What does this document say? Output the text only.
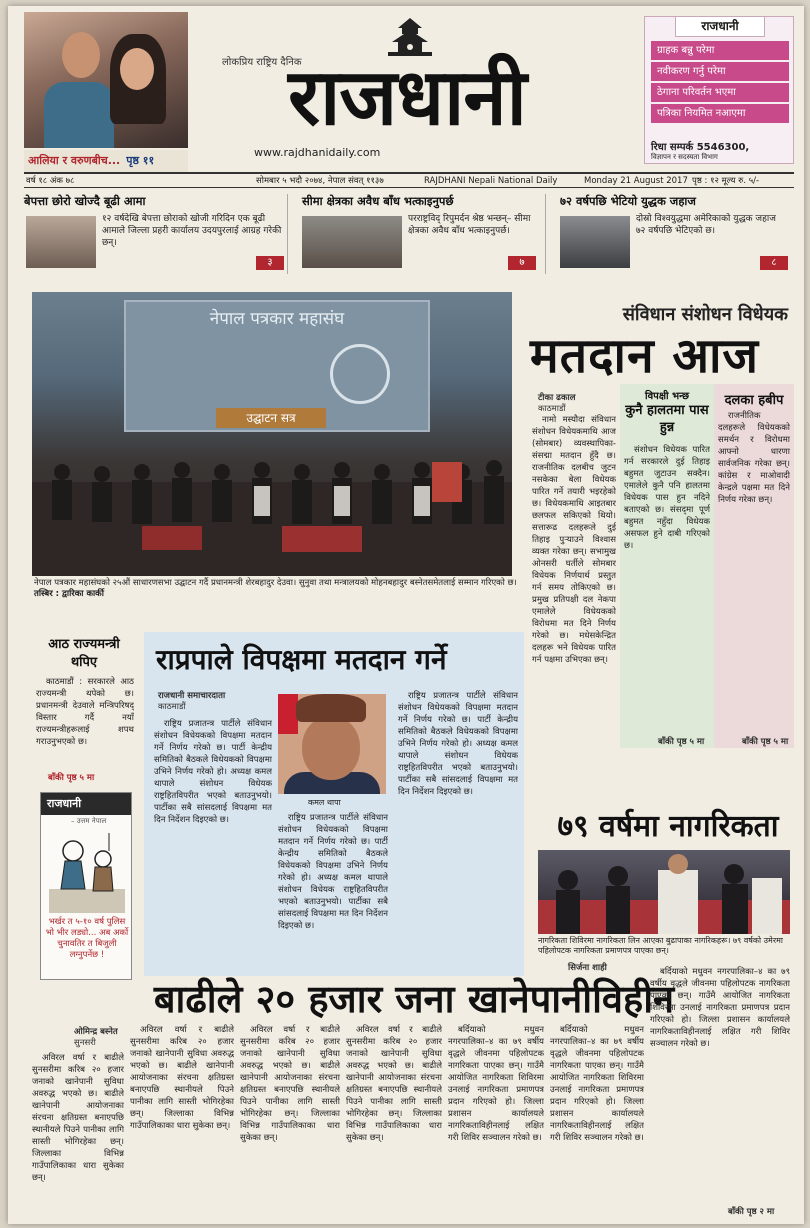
आलिया र वरुणबीच... पृष्ठ ११
लोकप्रिय राष्ट्रिय दैनिक
राजधानी
www.rajdhanidaily.com
राजधानी
ग्राहक बन्नु परेमा
नवीकरण गर्नु परेमा
ठेगाना परिवर्तन भएमा
पत्रिका नियमित नआएमा
रिधा सम्पर्क 5546300,
विज्ञापन र सदस्यता विभाग
वर्ष १८ अंक ७८	सोमबार ५ भदौ २०७४, नेपाल संवत् ११३७	RAJDHANI Nepali National Daily	Monday 21 August 2017 पृष्ठ : १२ मूल्य रु. ५/-
बेपत्ता छोरो खोज्दै बूढी आमा

१२ वर्षदेखि बेपत्ता छोराको खोजी गरिदिन एक बूढी आमाले जिल्ला प्रहरी कार्यालय उदयपुरलाई आग्रह गरेकी छन्।

३
सीमा क्षेत्रका अवैध बाँध भत्काइनुपर्छ

परराष्ट्रविद् रिपुमर्दन श्रेष्ठ भन्छन्– सीमा क्षेत्रका अवैध बाँध भत्काइनुपर्छ।

७
७२ वर्षपछि भेटियो युद्धक जहाज

दोस्रो विश्वयुद्धमा अमेरिकाको युद्धक जहाज ७२ वर्षपछि भेटिएको छ।

८
नेपाल पत्रकार महासंघ
उद्घाटन सत्र
नेपाल पत्रकार महासंघको २५औं साधारणसभा उद्घाटन गर्दै प्रधानमन्त्री शेरबहादुर देउवा। सुनुवा तथा मन्त्रालयको मोहनबहादुर बस्नेतसमेतलाई सम्मान गरिएको छ। तस्बिर : द्वारिका कार्की
संविधान संशोधन विधेयक
मतदान आज
टीका ढकाल
काठमाडौं

नामो मस्यौदा संविधान संशोधन विधेयकमाथि आज (सोमबार) व्यवस्थापिका-संसद्मा मतदान हुँदै छ। राजनीतिक दलबीच जुटन नसकेका बेला विधेयक पारित गर्ने तयारी भइरहेको छ। विधेयकमाथि आइतबार छलफल सकिएको थियो। सत्तारूढ दलहरूले दुई तिहाइ पुर्‍याउने विश्वास व्यक्त गरेका छन्। सभामुख ओनसरी घर्तीले सोमबार विधेयक निर्णयार्थ प्रस्तुत गर्न समय तोकिएको छ। प्रमुख प्रतिपक्षी दल नेकपा एमालेले विधेयकको विरोधमा मत दिने निर्णय गरेको छ। मधेसकेन्द्रित दलहरू भने विधेयक पारित गर्न पक्षमा उभिएका छन्।

विपक्षी भन्छ
कुनै हालतमा पास हुन्न

संशोधन विधेयक पारित गर्न सरकारले दुई तिहाइ बहुमत जुटाउन सक्दैन। एमालेले कुनै पनि हालतमा विधेयक पास हुन नदिने बताएको छ। संसद्‌मा पूर्ण बहुमत नहुँदा विधेयक असफल हुने दाबी गरिएको छ।

बाँकी पृष्ठ ५ मा
दलका हबीप

राजनीतिक दलहरूले विधेयकको समर्थन र विरोधमा आफ्नो धारणा सार्वजनिक गरेका छन्। कांग्रेस र माओवादी केन्द्रले पक्षमा मत दिने निर्णय गरेका छन्।

बाँकी पृष्ठ ५ मा
आठ राज्यमन्त्री थपिए

काठमाडौं : सरकारले आठ राज्यमन्त्री थपेको छ। प्रधानमन्त्री देउवाले मन्त्रिपरिषद् विस्तार गर्दै नयाँ राज्यमन्त्रीहरूलाई शपथ गराउनुभएको छ।

बाँकी पृष्ठ ५ मा
राजधानी
– उत्तम नेपाल
भर्खर त ५-१० वर्ष पुलिस भो भीर लड्यो... अब अर्को चुनावतिर त बिजुली लग्नुपर्नेछ !
राप्रपाले विपक्षमा मतदान गर्ने
राजधानी समाचारदाता
काठमाडौं

राष्ट्रिय प्रजातन्त्र पार्टीले संविधान संशोधन विधेयकको विपक्षमा मतदान गर्ने निर्णय गरेको छ। पार्टी केन्द्रीय समितिको बैठकले विधेयकको विपक्षमा उभिने निर्णय गरेको हो। अध्यक्ष कमल थापाले संशोधन विधेयक राष्ट्रहितविपरीत भएको बताउनुभयो। पार्टीका सबै सांसदलाई विपक्षमा मत दिन निर्देशन दिइएको छ।

कमल थापा

राष्ट्रिय प्रजातन्त्र पार्टीले संविधान संशोधन विधेयकको विपक्षमा मतदान गर्ने निर्णय गरेको छ। पार्टी केन्द्रीय समितिको बैठकले विधेयकको विपक्षमा उभिने निर्णय गरेको हो। अध्यक्ष कमल थापाले संशोधन विधेयक राष्ट्रहितविपरीत भएको बताउनुभयो। पार्टीका सबै सांसदलाई विपक्षमा मत दिन निर्देशन दिइएको छ।

राष्ट्रिय प्रजातन्त्र पार्टीले संविधान संशोधन विधेयकको विपक्षमा मतदान गर्ने निर्णय गरेको छ। पार्टी केन्द्रीय समितिको बैठकले विधेयकको विपक्षमा उभिने निर्णय गरेको हो। अध्यक्ष कमल थापाले संशोधन विधेयक राष्ट्रहितविपरीत भएको बताउनुभयो। पार्टीका सबै सांसदलाई विपक्षमा मत दिन निर्देशन दिइएको छ।

७९ वर्षमा नागरिकता
नागरिकता शिविरमा नागरिकता लिन आएका बुढापाका नागरिकहरू। ७९ वर्षको उमेरमा पहिलोपटक नागरिकता प्रमाणपत्र पाएका छन्।
बाढीले २० हजार जना खानेपानीविहीन
सिर्जना शाही
ओमिन्द्र बस्नेत
सुनसरी

अविरल वर्षा र बाढीले सुनसरीमा करिब २० हजार जनाको खानेपानी सुविधा अवरुद्ध भएको छ। बाढीले खानेपानी आयोजनाका संरचना क्षतिग्रस्त बनाएपछि स्थानीयले पिउने पानीका लागि सास्ती भोगिरहेका छन्। जिल्लाका विभिन्न गाउँपालिकाका धारा सुकेका छन्।

अविरल वर्षा र बाढीले सुनसरीमा करिब २० हजार जनाको खानेपानी सुविधा अवरुद्ध भएको छ। बाढीले खानेपानी आयोजनाका संरचना क्षतिग्रस्त बनाएपछि स्थानीयले पिउने पानीका लागि सास्ती भोगिरहेका छन्। जिल्लाका विभिन्न गाउँपालिकाका धारा सुकेका छन्।

अविरल वर्षा र बाढीले सुनसरीमा करिब २० हजार जनाको खानेपानी सुविधा अवरुद्ध भएको छ। बाढीले खानेपानी आयोजनाका संरचना क्षतिग्रस्त बनाएपछि स्थानीयले पिउने पानीका लागि सास्ती भोगिरहेका छन्। जिल्लाका विभिन्न गाउँपालिकाका धारा सुकेका छन्।

अविरल वर्षा र बाढीले सुनसरीमा करिब २० हजार जनाको खानेपानी सुविधा अवरुद्ध भएको छ। बाढीले खानेपानी आयोजनाका संरचना क्षतिग्रस्त बनाएपछि स्थानीयले पिउने पानीका लागि सास्ती भोगिरहेका छन्। जिल्लाका विभिन्न गाउँपालिकाका धारा सुकेका छन्।

बर्दियाको मधुवन नगरपालिका–४ का ७९ वर्षीय वृद्धले जीवनमा पहिलोपटक नागरिकता पाएका छन्। गाउँमै आयोजित नागरिकता शिविरमा उनलाई नागरिकता प्रमाणपत्र प्रदान गरिएको हो। जिल्ला प्रशासन कार्यालयले नागरिकताविहीनलाई लक्षित गरी शिविर सञ्चालन गरेको छ।

बर्दियाको मधुवन नगरपालिका–४ का ७९ वर्षीय वृद्धले जीवनमा पहिलोपटक नागरिकता पाएका छन्। गाउँमै आयोजित नागरिकता शिविरमा उनलाई नागरिकता प्रमाणपत्र प्रदान गरिएको हो। जिल्ला प्रशासन कार्यालयले नागरिकताविहीनलाई लक्षित गरी शिविर सञ्चालन गरेको छ।

बर्दियाको मधुवन नगरपालिका–४ का ७९ वर्षीय वृद्धले जीवनमा पहिलोपटक नागरिकता पाएका छन्। गाउँमै आयोजित नागरिकता शिविरमा उनलाई नागरिकता प्रमाणपत्र प्रदान गरिएको हो। जिल्ला प्रशासन कार्यालयले नागरिकताविहीनलाई लक्षित गरी शिविर सञ्चालन गरेको छ।

बाँकी पृष्ठ २ मा
